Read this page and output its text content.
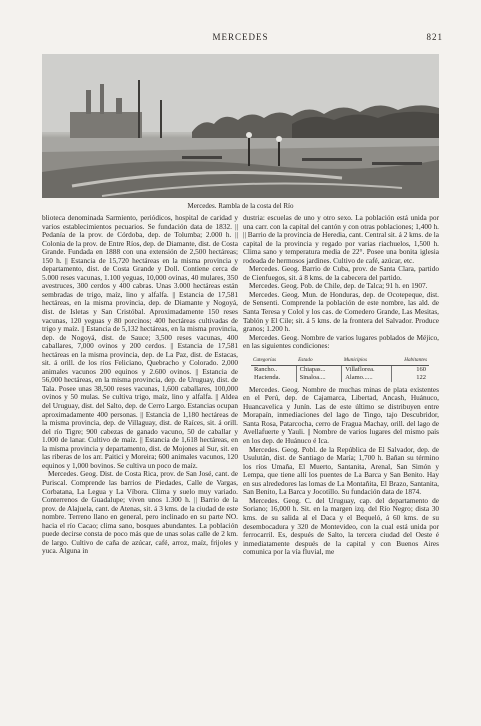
MERCEDES	821
Mercedes. Rambla de la costa del Río

blioteca denominada Sarmiento, periódicos, hospital de caridad y varios establecimientos pecuarios. Se fundación data de 1832. || Pedanía de la prov. de Córdoba, dep. de Tolumba; 2.000 h. || Colonia de la prov. de Entre Ríos, dep. de Diamante, dist. de Costa Grande. Fundada en 1888 con una extensión de 2,500 hectáreas; 150 h. || Estancia de 15,720 hectáreas en la misma provincia y departamento, dist. de Costa Grande y Doll. Contiene cerca de 5.000 reses vacunas, 1.100 yeguas, 10,000 ovinas, 40 mulares, 350 avestruces, 300 cerdos y 400 cabras. Unas 3.000 hectáreas están sembradas de trigo, maíz, lino y alfalfa. || Estancia de 17,581 hectáreas, en la misma provincia, dep. de Diamante y Nogoyá, dist. de Isletas y San Cristóbal. Aproximadamente 150 reses vacunas, 120 yeguas y 80 porcinos; 400 hectáreas cultivadas de trigo y maíz. || Estancia de 5,132 hectáreas, en la misma provincia, dep. de Nogoyá, dist. de Sauce; 3,500 reses vacunas, 400 caballares, 7,000 ovinos y 200 cerdos. || Estancia de 17,581 hectáreas en la misma provincia, dep. de La Paz, dist. de Estacas, sit. á orill. de los ríos Feliciano, Quebracho y Colorado. 2,000 animales vacunos 200 equinos y 2.600 ovinos. || Estancia de 56,000 hectáreas, en la misma provincia, dep. de Uruguay, dist. de Tala. Posee unas 38,500 reses vacunas, 1,600 caballares, 100,000 ovinos y 50 mulas. Se cultiva trigo, maíz, lino y alfalfa. || Aldea del Uruguay, dist. del Salto, dep. de Cerro Largo. Estancias ocupan aproximadamente 400 personas. || Estancia de 1,180 hectáreas de la misma provincia, dep. de Villaguay, dist. de Raíces, sit. á orill. del río Tigre; 900 cabezas de ganado vacuno, 50 de caballar y 1.000 de lanar. Cultivo de maíz. || Estancia de 1,618 hectáreas, en la misma provincia y departamento, dist. de Mojones al Sur, sit. en las riberas de los arr. Paitici y Moreira; 600 animales vacunos, 120 equinos y 1,000 bovinos. Se cultiva un poco de maíz.

Mercedes. Geog. Dist. de Costa Rica, prov. de San José, cant. de Puriscal. Comprende las barrios de Piedades, Calle de Vargas, Corbatana, La Legua y La Víbora. Clima y suelo muy variado. Conterrenos de Guadalupe; viven unos 1.300 h. || Barrio de la prov. de Alajuela, cant. de Atenas, sit. á 3 kms. de la ciudad de este nombre. Terreno llano en general, pero inclinado en su parte NO. hacia el río Cacao; clima sano, bosques abundantes. La población puede decirse consta de poco más que de unas solas calle de 2 km. de largo. Cultivo de caña de azúcar, café, arroz, maíz, frijoles y yuca. Alguna in

dustria: escuelas de uno y otro sexo. La población está unida por una carr. con la capital del cantón y con otras poblaciones; 1,400 h. || Barrio de la provincia de Heredia, cant. Central sit. á 2 kms. de la capital de la provincia y regado por varias riachuelos, 1,500 h. Clima sano y temperatura media de 22°. Posee una bonita iglesia rodeada de hermosos jardines. Cultivo de café, azúcar, etc.

Mercedes. Geog. Barrio de Cuba, prov. de Santa Clara, partido de Cienfuegos, sit. á 8 kms. de la cabecera del partido.

Mercedes. Geog. Pob. de Chile, dep. de Talca; 91 h. en 1907.

Mercedes. Geog. Mun. de Honduras, dep. de Ocotepeque, dist. de Sensenti. Comprende la población de este nombre, las ald. de Santa Teresa y Colol y los cas. de Comedero Grande, Las Mesitas, Tablón y El Cile; sit. á 5 kms. de la frontera del Salvador. Produce granos; 1.200 h.

Mercedes. Geog. Nombre de varios lugares poblados de Méjico, en las siguientes condiciones:

Categorías	Estado	Municipios	Habitantes
Rancho..	Chiapas...	Villaflorea.	160
Hacienda.	Sinaloa....	Alamo......	122

Mercedes. Geog. Nombre de muchas minas de plata existentes en el Perú, dep. de Cajamarca, Libertad, Ancash, Huánuco, Huancavelica y Junín. Las de este último se distribuyen entre Morapaín, inmediaciones del lago de Tingo, tajo Descubridor, Santa Rosa, Patarcocha, cerro de Fragua Machay, orill. del lago de Avellafuerte y Yauli. || Nombre de varios lugares del mismo país en los dep. de Huánuco é Ica.

Mercedes. Geog. Pobl. de la República de El Salvador, dep. de Usulután, dist. de Santiago de María; 1,700 h. Bañan su término los ríos Umaña, El Muerto, Santanita, Arenal, San Simón y Lempa, que tiene allí los puentes de La Barca y San Benito. Hay en sus alrededores las lomas de La Montañita, El Brazo, Santanita, San Benito, La Barca y Jocotillo. Su fundación data de 1874.

Mercedes. Geog. C. del Uruguay, cap. del departamento de Soriano; 16,000 h. Sit. en la margen izq. del Río Negro; dista 30 kms. de su salida al el Daca y el Bequeló, á 60 kms. de su desembocadura y 320 de Montevideo, con la cual está unida por ferrocarril. Es, después de Salto, la tercera ciudad del Oeste é inmediatamente después de la capital y con Buenos Aires comunica por la vía fluvial, me
